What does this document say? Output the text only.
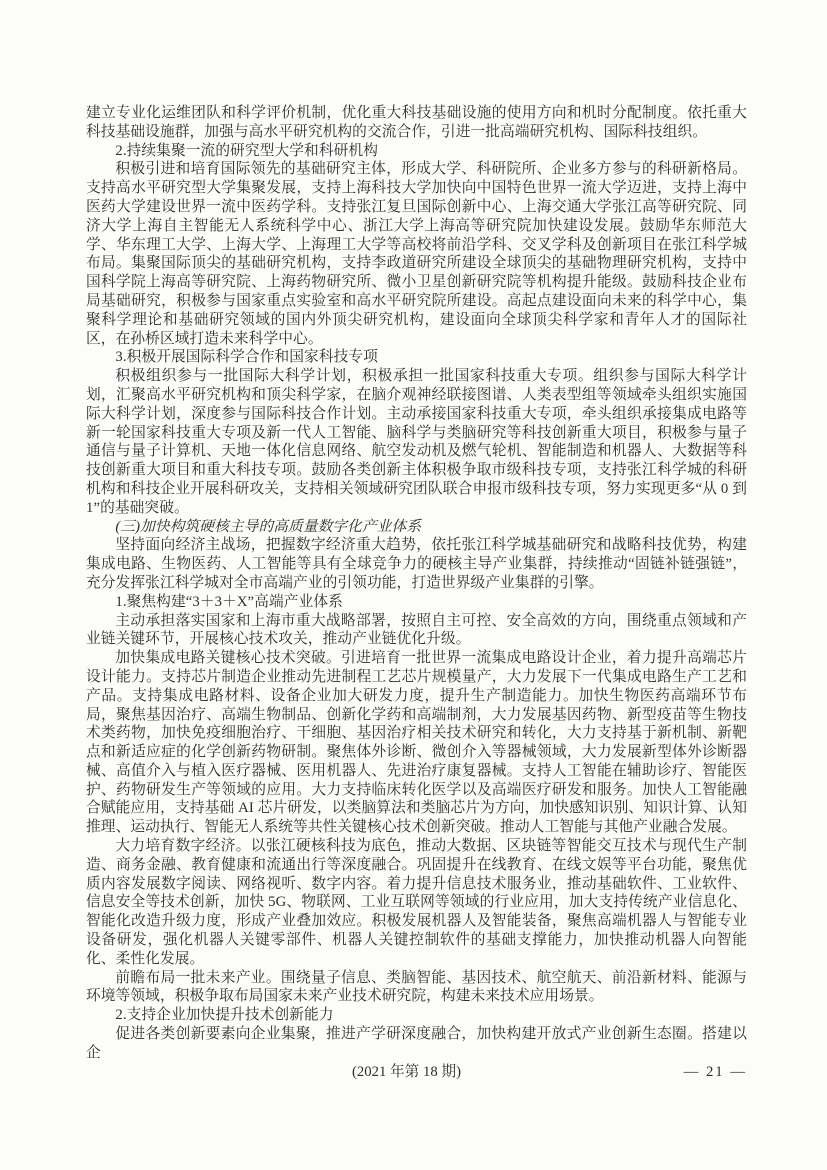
建立专业化运维团队和科学评价机制，优化重大科技基础设施的使用方向和机时分配制度。依托重大科技基础设施群，加强与高水平研究机构的交流合作，引进一批高端研究机构、国际科技组织。

2.持续集聚一流的研究型大学和科研机构

积极引进和培育国际领先的基础研究主体，形成大学、科研院所、企业多方参与的科研新格局。支持高水平研究型大学集聚发展，支持上海科技大学加快向中国特色世界一流大学迈进，支持上海中医药大学建设世界一流中医药学科。支持张江复旦国际创新中心、上海交通大学张江高等研究院、同济大学上海自主智能无人系统科学中心、浙江大学上海高等研究院加快建设发展。鼓励华东师范大学、华东理工大学、上海大学、上海理工大学等高校将前沿学科、交叉学科及创新项目在张江科学城布局。集聚国际顶尖的基础研究机构，支持李政道研究所建设全球顶尖的基础物理研究机构，支持中国科学院上海高等研究院、上海药物研究所、微小卫星创新研究院等机构提升能级。鼓励科技企业布局基础研究，积极参与国家重点实验室和高水平研究院所建设。高起点建设面向未来的科学中心，集聚科学理论和基础研究领域的国内外顶尖研究机构，建设面向全球顶尖科学家和青年人才的国际社区，在孙桥区域打造未来科学中心。

3.积极开展国际科学合作和国家科技专项

积极组织参与一批国际大科学计划，积极承担一批国家科技重大专项。组织参与国际大科学计划，汇聚高水平研究机构和顶尖科学家，在脑介观神经联接图谱、人类表型组等领域牵头组织实施国际大科学计划，深度参与国际科技合作计划。主动承接国家科技重大专项，牵头组织承接集成电路等新一轮国家科技重大专项及新一代人工智能、脑科学与类脑研究等科技创新重大项目，积极参与量子通信与量子计算机、天地一体化信息网络、航空发动机及燃气轮机、智能制造和机器人、大数据等科技创新重大项目和重大科技专项。鼓励各类创新主体积极争取市级科技专项，支持张江科学城的科研机构和科技企业开展科研攻关，支持相关领域研究团队联合申报市级科技专项，努力实现更多“从 0 到 1”的基础突破。

(三)加快构筑硬核主导的高质量数字化产业体系

坚持面向经济主战场，把握数字经济重大趋势，依托张江科学城基础研究和战略科技优势，构建集成电路、生物医药、人工智能等具有全球竞争力的硬核主导产业集群，持续推动“固链补链强链”，充分发挥张江科学城对全市高端产业的引领功能，打造世界级产业集群的引擎。

1.聚焦构建“3＋3＋X”高端产业体系

主动承担落实国家和上海市重大战略部署，按照自主可控、安全高效的方向，围绕重点领域和产业链关键环节，开展核心技术攻关，推动产业链优化升级。

加快集成电路关键核心技术突破。引进培育一批世界一流集成电路设计企业，着力提升高端芯片设计能力。支持芯片制造企业推动先进制程工艺芯片规模量产，大力发展下一代集成电路生产工艺和产品。支持集成电路材料、设备企业加大研发力度，提升生产制造能力。加快生物医药高端环节布局，聚焦基因治疗、高端生物制品、创新化学药和高端制剂，大力发展基因药物、新型疫苗等生物技术类药物，加快免疫细胞治疗、干细胞、基因治疗相关技术研究和转化，大力支持基于新机制、新靶点和新适应症的化学创新药物研制。聚焦体外诊断、微创介入等器械领域，大力发展新型体外诊断器械、高值介入与植入医疗器械、医用机器人、先进治疗康复器械。支持人工智能在辅助诊疗、智能医护、药物研发生产等领域的应用。大力支持临床转化医学以及高端医疗研发和服务。加快人工智能融合赋能应用，支持基础 AI 芯片研发，以类脑算法和类脑芯片为方向，加快感知识别、知识计算、认知推理、运动执行、智能无人系统等共性关键核心技术创新突破。推动人工智能与其他产业融合发展。

大力培育数字经济。以张江硬核科技为底色，推动大数据、区块链等智能交互技术与现代生产制造、商务金融、教育健康和流通出行等深度融合。巩固提升在线教育、在线文娱等平台功能，聚焦优质内容发展数字阅读、网络视听、数字内容。着力提升信息技术服务业，推动基础软件、工业软件、信息安全等技术创新，加快 5G、物联网、工业互联网等领域的行业应用，加大支持传统产业信息化、智能化改造升级力度，形成产业叠加效应。积极发展机器人及智能装备，聚焦高端机器人与智能专业设备研发，强化机器人关键零部件、机器人关键控制软件的基础支撑能力，加快推动机器人向智能化、柔性化发展。

前瞻布局一批未来产业。围绕量子信息、类脑智能、基因技术、航空航天、前沿新材料、能源与环境等领域，积极争取布局国家未来产业技术研究院，构建未来技术应用场景。

2.支持企业加快提升技术创新能力

促进各类创新要素向企业集聚，推进产学研深度融合，加快构建开放式产业创新生态圈。搭建以企

(2021 年第 18 期)	— 21 —
